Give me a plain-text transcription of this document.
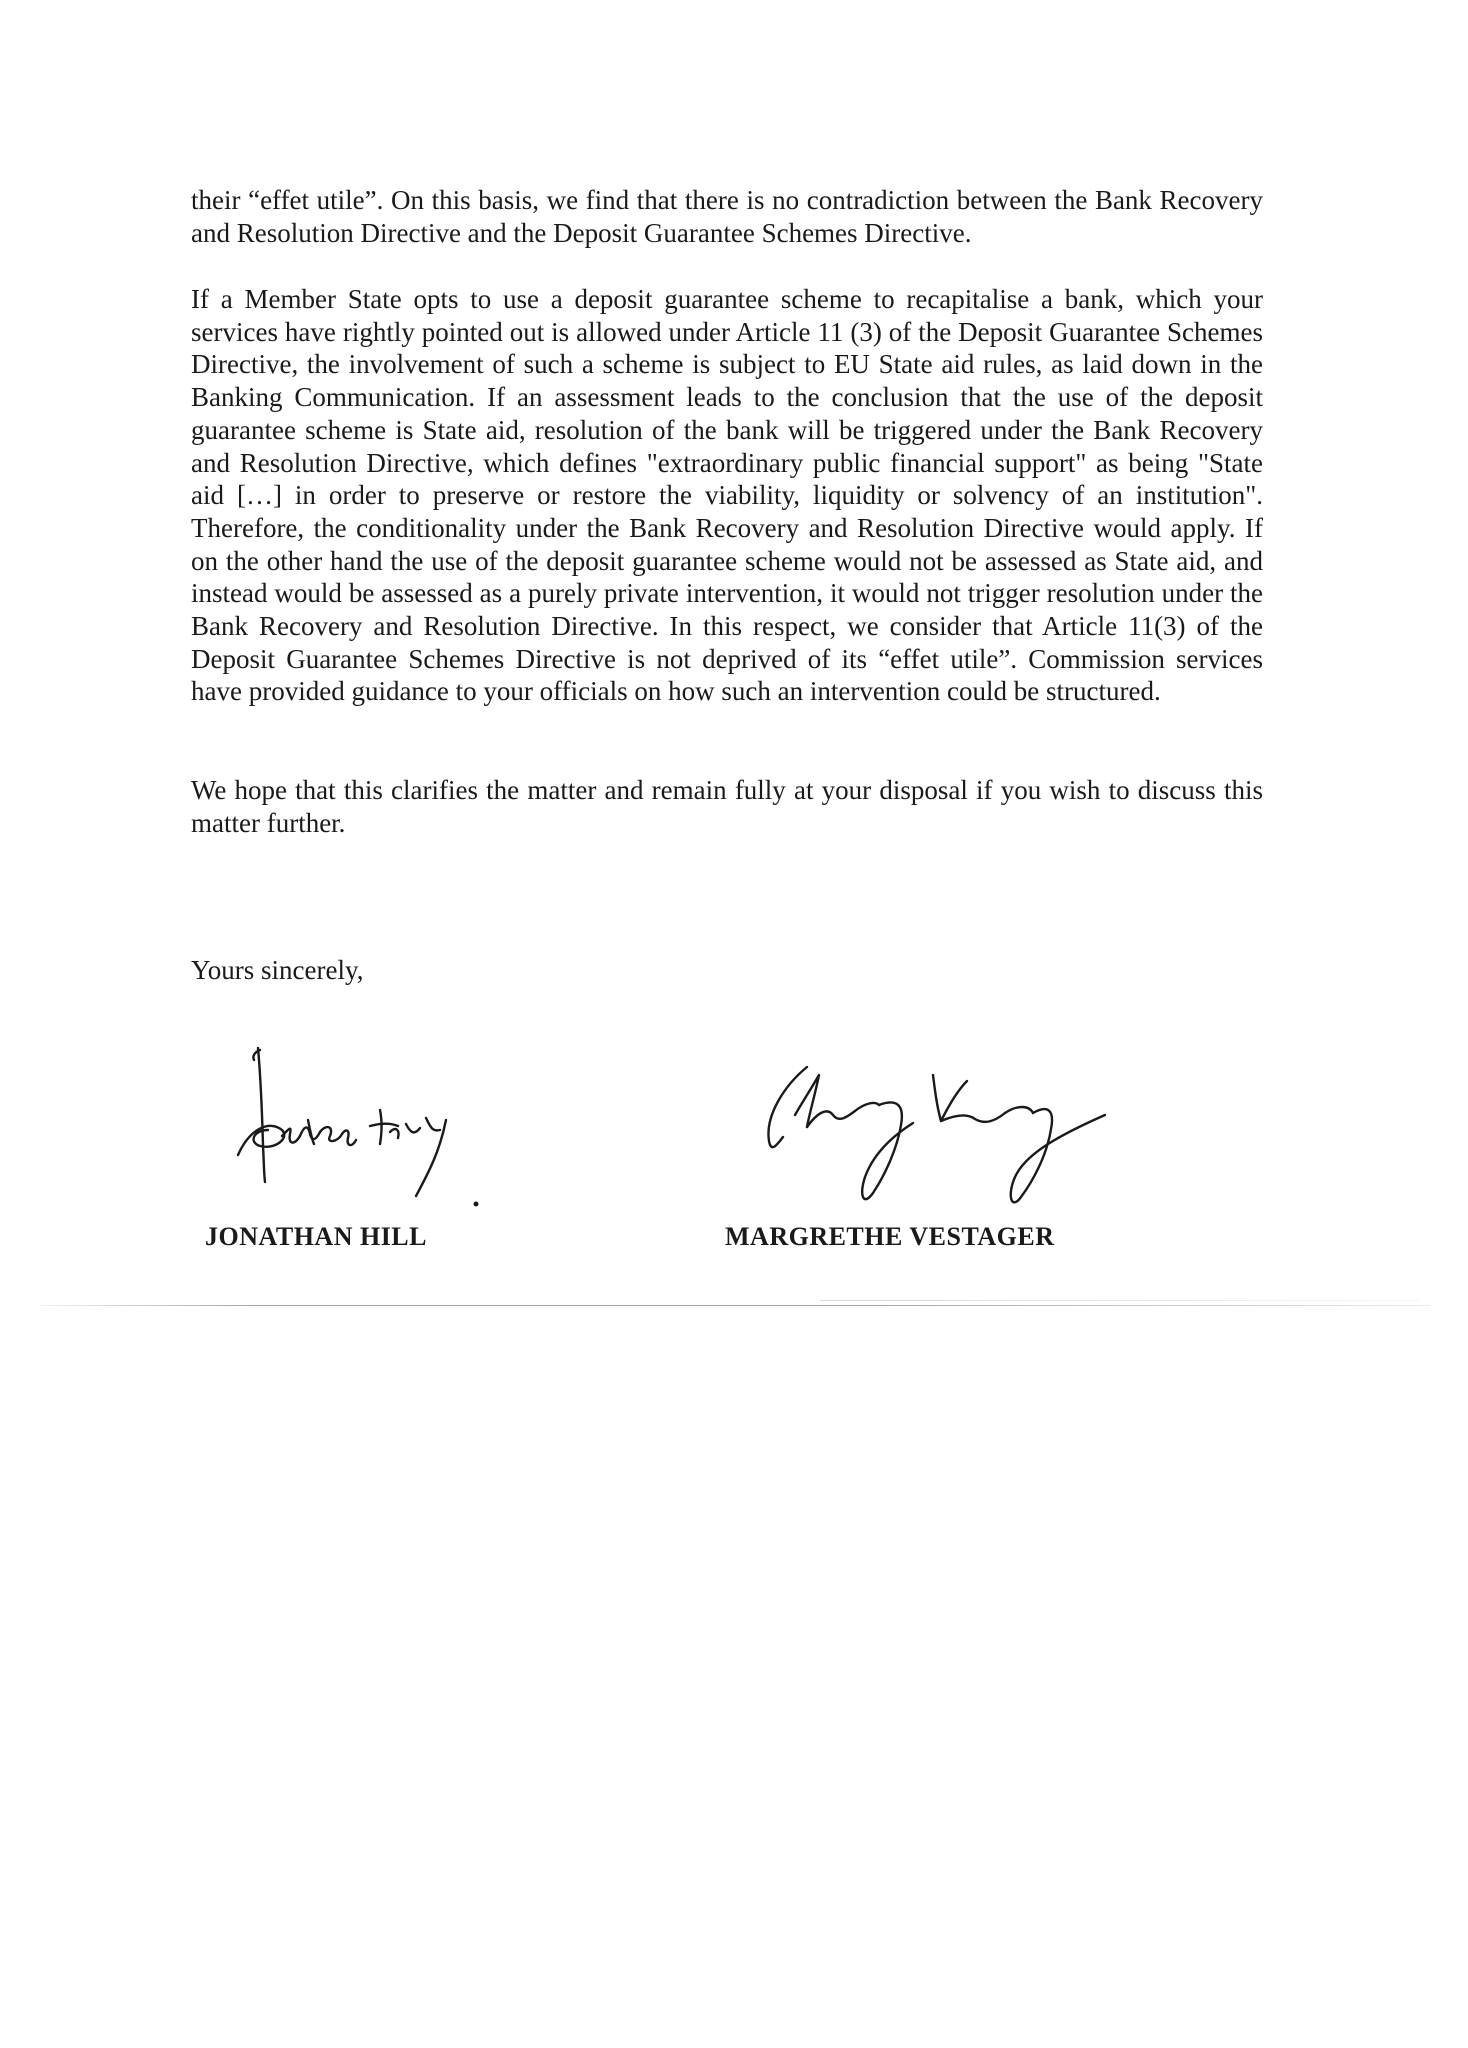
their “effet utile”. On this basis, we find that there is no contradiction between the Bank Recovery and Resolution Directive and the Deposit Guarantee Schemes Directive.

If a Member State opts to use a deposit guarantee scheme to recapitalise a bank, which your services have rightly pointed out is allowed under Article 11 (3) of the Deposit Guarantee Schemes Directive, the involvement of such a scheme is subject to EU State aid rules, as laid down in the Banking Communication. If an assessment leads to the conclusion that the use of the deposit guarantee scheme is State aid, resolution of the bank will be triggered under the Bank Recovery and Resolution Directive, which defines "extraordinary public financial support" as being "State aid […] in order to preserve or restore the viability, liquidity or solvency of an institution". Therefore, the conditionality under the Bank Recovery and Resolution Directive would apply. If on the other hand the use of the deposit guarantee scheme would not be assessed as State aid, and instead would be assessed as a purely private intervention, it would not trigger resolution under the Bank Recovery and Resolution Directive. In this respect, we consider that Article 11(3) of the Deposit Guarantee Schemes Directive is not deprived of its “effet utile”. Commission services have provided guidance to your officials on how such an intervention could be structured.

We hope that this clarifies the matter and remain fully at your disposal if you wish to discuss this matter further.

Yours sincerely,

JONATHAN HILL	MARGRETHE VESTAGER
